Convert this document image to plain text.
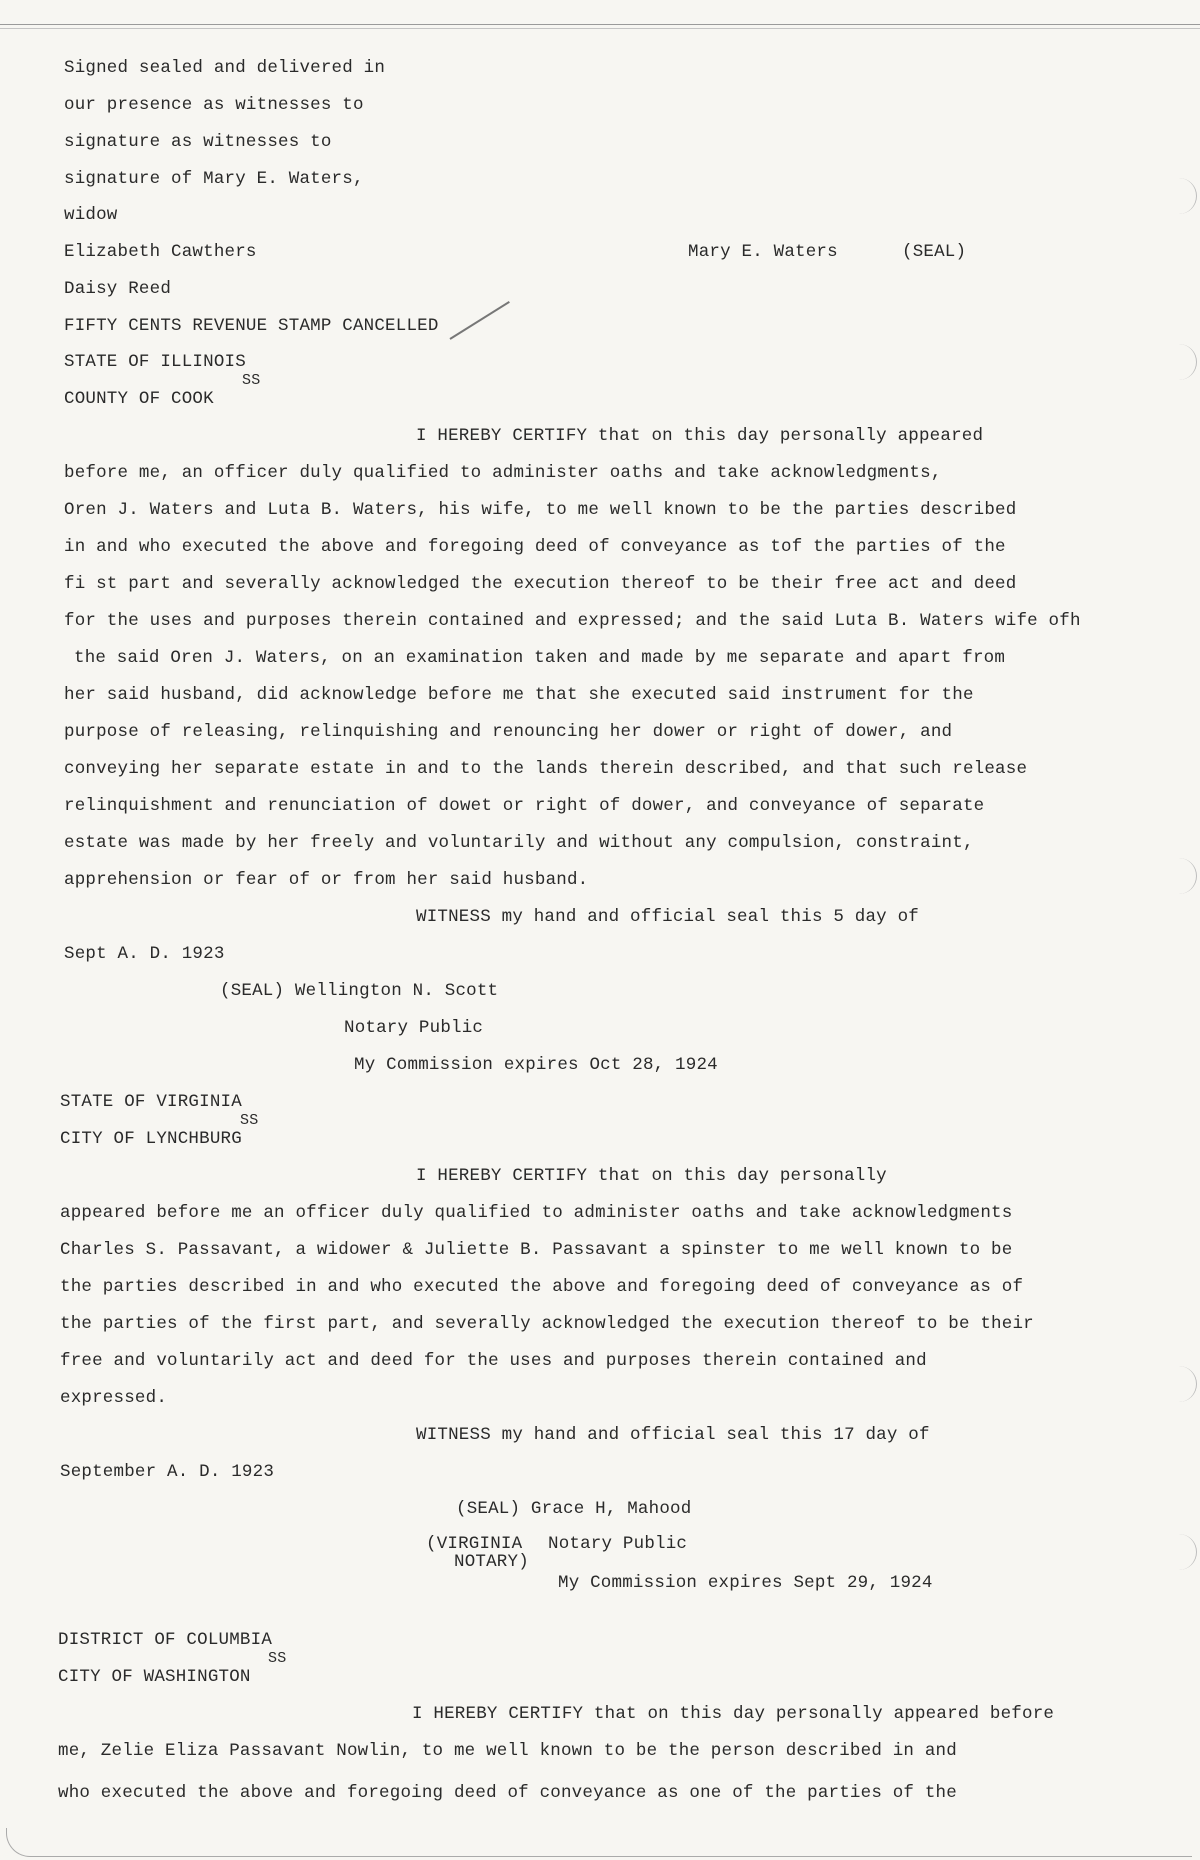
Signed sealed and delivered in
our presence as witnesses to
signature as witnesses to
signature of Mary E. Waters,
widow
Elizabeth Cawthers	Mary E. Waters	(SEAL)
Daisy Reed
FIFTY CENTS REVENUE STAMP CANCELLED
STATE OF ILLINOIS
SS
COUNTY OF COOK
I HEREBY CERTIFY that on this day personally appeared
before me, an officer duly qualified to administer oaths and take acknowledgments,
Oren J. Waters and Luta B. Waters, his wife, to me well known to be the parties described
in and who executed the above and foregoing deed of conveyance as tof the parties of the
fi st part and severally acknowledged the execution thereof to be their free act and deed
for the uses and purposes therein contained and expressed; and the said Luta B. Waters wife ofh
the said Oren J. Waters, on an examination taken and made by me separate and apart from
her said husband, did acknowledge before me that she executed said instrument for the
purpose of releasing, relinquishing and renouncing her dower or right of dower, and
conveying her separate estate in and to the lands therein described, and that such release
relinquishment and renunciation of dowet or right of dower, and conveyance of separate
estate was made by her freely and voluntarily and without any compulsion, constraint,
apprehension or fear of or from her said husband.
WITNESS my hand and official seal this 5 day of
Sept A. D. 1923
(SEAL) Wellington N. Scott
Notary Public
My Commission expires Oct 28, 1924
STATE OF VIRGINIA
SS
CITY OF LYNCHBURG
I HEREBY CERTIFY that on this day personally
appeared before me an officer duly qualified to administer oaths and take acknowledgments
Charles S. Passavant, a widower & Juliette B. Passavant a spinster to me well known to be
the parties described in and who executed the above and foregoing deed of conveyance as of
the parties of the first part, and severally acknowledged the execution thereof to be their
free and voluntarily act and deed for the uses and purposes therein contained and
expressed.
WITNESS my hand and official seal this 17 day of
September A. D. 1923
(SEAL) Grace H, Mahood
(VIRGINIA Notary Public
NOTARY)
My Commission expires Sept 29, 1924
DISTRICT OF COLUMBIA
SS
CITY OF WASHINGTON
I HEREBY CERTIFY that on this day personally appeared before
me, Zelie Eliza Passavant Nowlin, to me well known to be the person described in and
who executed the above and foregoing deed of conveyance as one of the parties of the
